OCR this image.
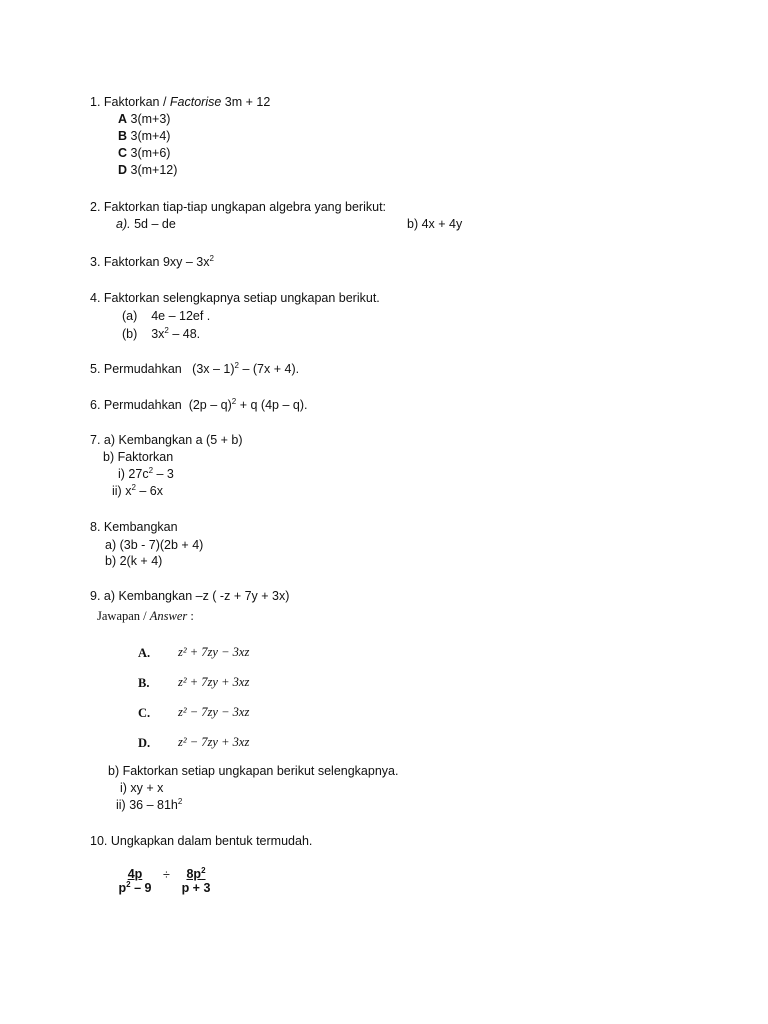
1. Faktorkan / Factorise 3m + 12
A 3(m+3)
B 3(m+4)
C 3(m+6)
D 3(m+12)
2. Faktorkan tiap-tiap ungkapan algebra yang berikut:
a). 5d – de	b) 4x + 4y
3. Faktorkan $9xy - 3x^2$
4. Faktorkan selengkapnya setiap ungkapan berikut.
(a) 4e – 12ef .
(b) $3x^2 - 48$.
5. Permudahkan (3x – 1)$^2$ – (7x + 4).
6. Permudahkan (2p – q)$^2$ + q (4p – q).
7. a) Kembangkan a (5 + b)
b) Faktorkan
i) $27c^2 - 3$
ii) $x^2 - 6x$
8. Kembangkan
a) (3b - 7)(2b + 4)
b) 2(k + 4)
9. a) Kembangkan –z ( -z + 7y + 3x)
Jawapan / Answer :
A. z² + 7zy − 3xz
B. z² + 7zy + 3xz
C. z² − 7zy − 3xz
D. z² − 7zy + 3xz
b) Faktorkan setiap ungkapan berikut selengkapnya.
i) xy + x
ii) $36 - 81h^2$
10. Ungkapkan dalam bentuk termudah.
$\frac{4p}{p^2 - 9} \div \frac{8p^2}{p + 3}$
